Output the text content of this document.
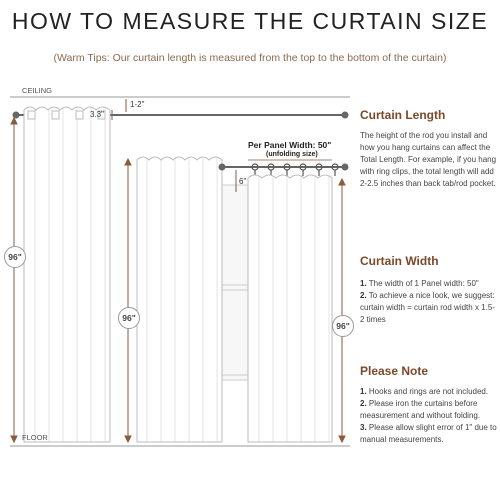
HOW TO MEASURE THE CURTAIN SIZE
(Warm Tips: Our curtain length is measured from the top to the bottom of the curtain)
CEILING
FLOOR
1-2"
3.3"
6"
96"
96"
96"
Per Panel Width: 50"
(unfolding size)
Curtain Length
The height of the rod you install and how you hang curtains can affect the Total Length. For example, if you hang with ring clips, the total length will add 2-2.5 inches than back tab/rod pocket.
Curtain Width
1. The width of 1 Panel width: 50"
2. To achieve a nice look, we suggest: curtain width = curtain rod width x 1.5-2 times
Please Note
1. Hooks and rings are not included.
2. Please iron the curtains before measurement and without folding.
3. Please allow slight error of 1" due to manual measurements.
